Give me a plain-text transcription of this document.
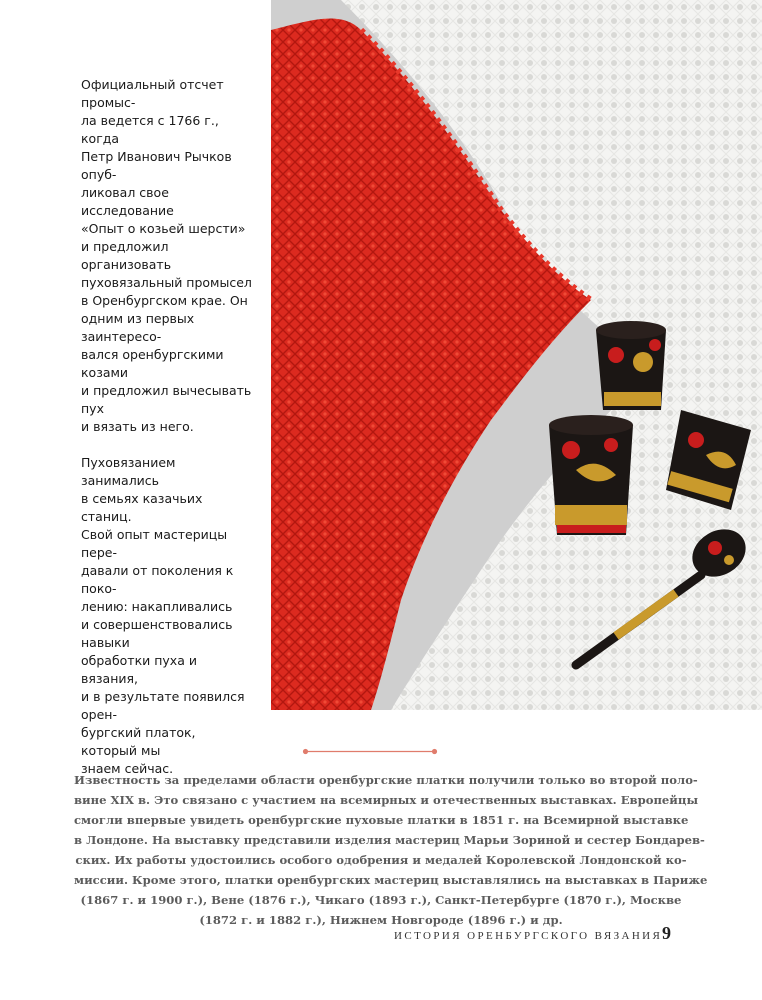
Официальный отсчет промыс-
ла ведется с 1766 г., когда
Петр Иванович Рычков опуб-
ликовал свое исследование
«Опыт о козьей шерсти»
и предложил организовать
пуховязальный промысел
в Оренбургском крае. Он
одним из первых заинтересо-
вался оренбургскими козами
и предложил вычесывать пух
и вязать из него.

Пуховязанием занимались
в семьях казачьих станиц.
Свой опыт мастерицы пере-
давали от поколения к поко-
лению: накапливались
и совершенствовались навыки
обработки пуха и вязания,
и в результате появился орен-
бургский платок, который мы
знаем сейчас.

Известность за пределами области оренбургские платки получили только во второй поло-
вине XIX в. Это связано с участием на всемирных и отечественных выставках. Европейцы
смогли впервые увидеть оренбургские пуховые платки в 1851 г. на Всемирной выставке
в Лондоне. На выставку представили изделия мастериц Марьи Зориной и сестер Бондарев-
ских. Их работы удостоились особого одобрения и медалей Королевской Лондонской ко-
миссии. Кроме этого, платки оренбургских мастериц выставлялись на выставках в Париже
(1867 г. и 1900 г.), Вене (1876 г.), Чикаго (1893 г.), Санкт-Петербурге (1870 г.), Москве
(1872 г. и 1882 г.), Нижнем Новгороде (1896 г.) и др.
ИСТОРИЯ ОРЕНБУРГСКОГО ВЯЗАНИЯ 9
